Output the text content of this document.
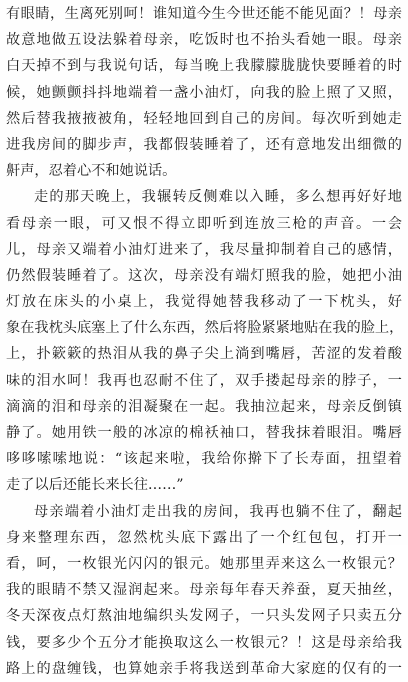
有眼睛，生离死别呵！谁知道今生今世还能不能见面？！母亲
故意地做五设法躲着母亲，吃饭时也不抬头看她一眼。母亲
白天掉不到与我说句话，每当晚上我朦朦胧胧快要睡着的时
候，她颤颤抖抖地端着一盏小油灯，向我的脸上照了又照，
然后替我掖掖被角，轻轻地回到自己的房间。每次听到她走
进我房间的脚步声，我都假装睡着了，还有意地发出细微的
鼾声，忍着心不和她说话。
走的那天晚上，我辗转反侧难以入睡，多么想再好好地
看母亲一眼，可又恨不得立即听到连放三枪的声音。一会
儿，母亲又端着小油灯进来了，我尽量抑制着自己的感情，
仍然假装睡着了。这次，母亲没有端灯照我的脸，她把小油
灯放在床头的小桌上，我觉得她替我移动了一下枕头，好
象在我枕头底塞上了什么东西，然后将脸紧紧地贴在我的脸上，
上，扑簌簌的热泪从我的鼻子尖上淌到嘴唇，苦涩的发着酸
味的泪水呵！我再也忍耐不住了，双手搂起母亲的脖子，一
滴滴的泪和母亲的泪凝聚在一起。我抽泣起来，母亲反倒镇
静了。她用铁一般的冰凉的棉袄袖口，替我抹着眼泪。嘴唇
哆哆嗦嗦地说：“该起来啦，我给你擀下了长寿面，扭望着
走了以后还能长来长往……”
母亲端着小油灯走出我的房间，我再也躺不住了，翻起
身来整理东西，忽然枕头底下露出了一个红包包，打开一
看，呵，一枚银光闪闪的银元。她那里弄来这么一枚银元？
我的眼睛不禁又湿润起来。母亲每年春天养蚕，夏天抽丝，
冬天深夜点灯熬油地编织头发网子，一只头发网子只卖五分
钱，要多少个五分才能换取这么一枚银元？！这是母亲给我
路上的盘缠钱，也算她亲手将我送到革命大家庭的仅有的一
